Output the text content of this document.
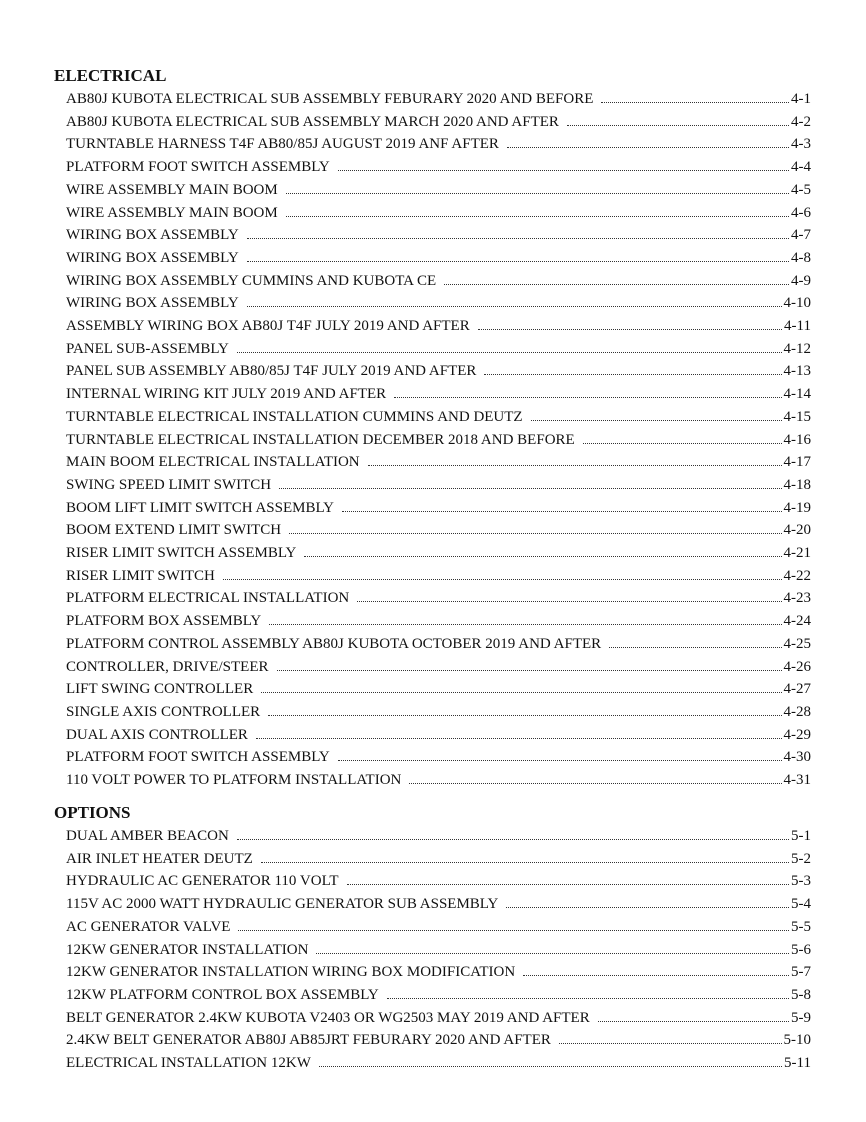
ELECTRICAL
AB80J KUBOTA ELECTRICAL SUB ASSEMBLY FEBURARY 2020 AND BEFORE	4-1
AB80J KUBOTA ELECTRICAL SUB ASSEMBLY MARCH 2020 AND AFTER	4-2
TURNTABLE HARNESS T4F AB80/85J AUGUST 2019 ANF AFTER	4-3
PLATFORM FOOT SWITCH ASSEMBLY	4-4
WIRE ASSEMBLY MAIN BOOM	4-5
WIRE ASSEMBLY MAIN BOOM	4-6
WIRING BOX ASSEMBLY	4-7
WIRING BOX ASSEMBLY	4-8
WIRING BOX ASSEMBLY CUMMINS AND KUBOTA CE	4-9
WIRING BOX ASSEMBLY	4-10
ASSEMBLY WIRING BOX AB80J T4F JULY 2019 AND AFTER	4-11
PANEL SUB-ASSEMBLY	4-12
PANEL SUB ASSEMBLY AB80/85J T4F JULY 2019 AND AFTER	4-13
INTERNAL WIRING KIT JULY 2019 AND AFTER	4-14
TURNTABLE ELECTRICAL INSTALLATION CUMMINS AND DEUTZ	4-15
TURNTABLE ELECTRICAL INSTALLATION DECEMBER 2018 AND BEFORE	4-16
MAIN BOOM ELECTRICAL INSTALLATION	4-17
SWING SPEED LIMIT SWITCH	4-18
BOOM LIFT LIMIT SWITCH ASSEMBLY	4-19
BOOM EXTEND LIMIT SWITCH	4-20
RISER LIMIT SWITCH ASSEMBLY	4-21
RISER LIMIT SWITCH	4-22
PLATFORM ELECTRICAL INSTALLATION	4-23
PLATFORM BOX ASSEMBLY	4-24
PLATFORM CONTROL ASSEMBLY AB80J KUBOTA OCTOBER 2019 AND AFTER	4-25
CONTROLLER, DRIVE/STEER	4-26
LIFT SWING CONTROLLER	4-27
SINGLE AXIS CONTROLLER	4-28
DUAL AXIS CONTROLLER	4-29
PLATFORM FOOT SWITCH ASSEMBLY	4-30
110 VOLT POWER TO PLATFORM INSTALLATION	4-31
OPTIONS
DUAL AMBER BEACON	5-1
AIR INLET HEATER DEUTZ	5-2
HYDRAULIC AC GENERATOR 110 VOLT	5-3
115V AC 2000 WATT HYDRAULIC GENERATOR SUB ASSEMBLY	5-4
AC GENERATOR VALVE	5-5
12KW GENERATOR INSTALLATION	5-6
12KW GENERATOR INSTALLATION WIRING BOX MODIFICATION	5-7
12KW PLATFORM CONTROL BOX ASSEMBLY	5-8
BELT GENERATOR 2.4KW KUBOTA V2403 OR WG2503 MAY 2019 AND AFTER	5-9
2.4KW BELT GENERATOR AB80J AB85JRT FEBURARY 2020 AND AFTER	5-10
ELECTRICAL INSTALLATION 12KW	5-11
